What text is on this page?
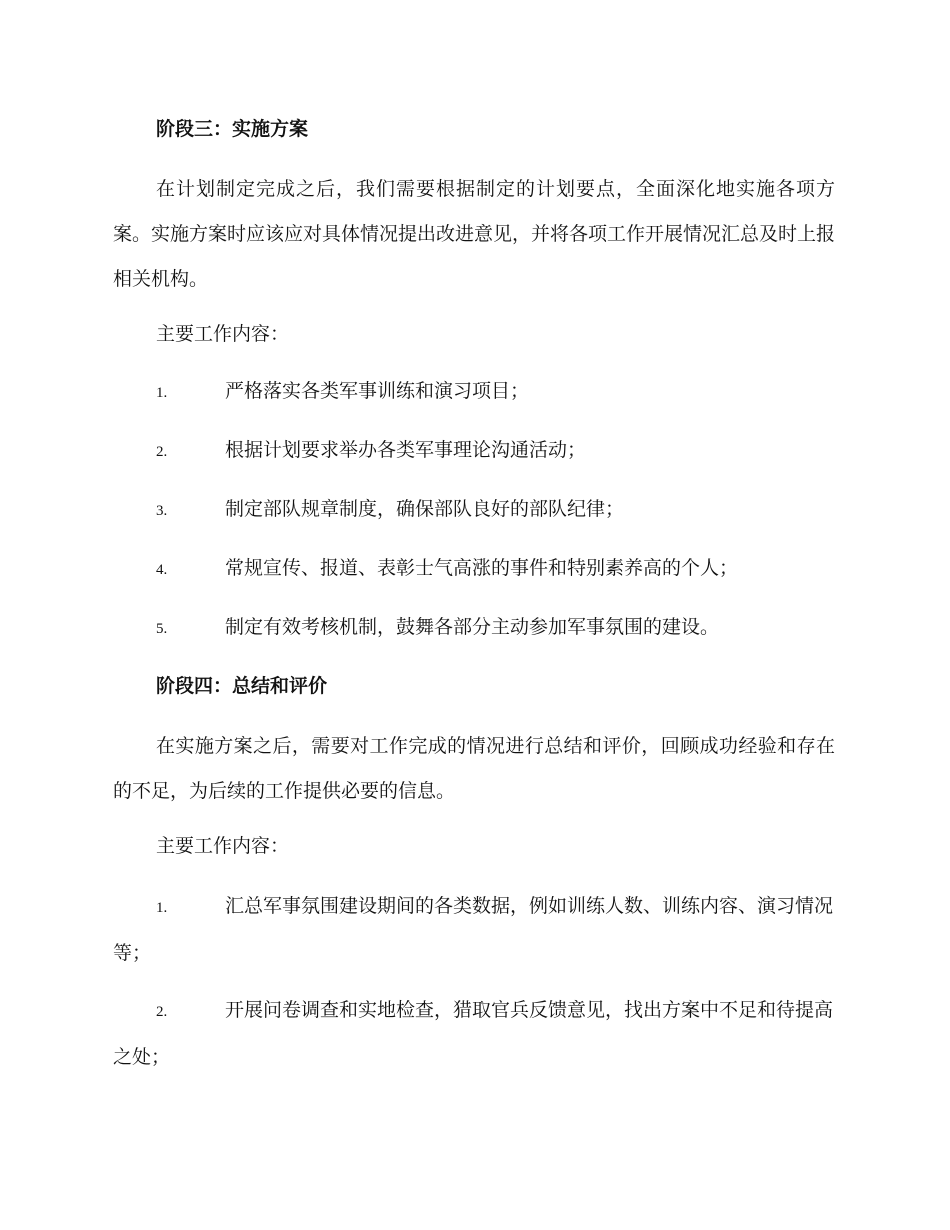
阶段三：实施方案
在计划制定完成之后，我们需要根据制定的计划要点，全面深化地实施各项方案。实施方案时应该应对具体情况提出改进意见，并将各项工作开展情况汇总及时上报相关机构。
主要工作内容：
1.	严格落实各类军事训练和演习项目；
2.	根据计划要求举办各类军事理论沟通活动；
3.	制定部队规章制度，确保部队良好的部队纪律；
4.	常规宣传、报道、表彰士气高涨的事件和特别素养高的个人；
5.	制定有效考核机制，鼓舞各部分主动参加军事氛围的建设。
阶段四：总结和评价
在实施方案之后，需要对工作完成的情况进行总结和评价，回顾成功经验和存在的不足，为后续的工作提供必要的信息。
主要工作内容：
1.	汇总军事氛围建设期间的各类数据，例如训练人数、训练内容、演习情况等；
2.	开展问卷调查和实地检查，猎取官兵反馈意见，找出方案中不足和待提高之处；
